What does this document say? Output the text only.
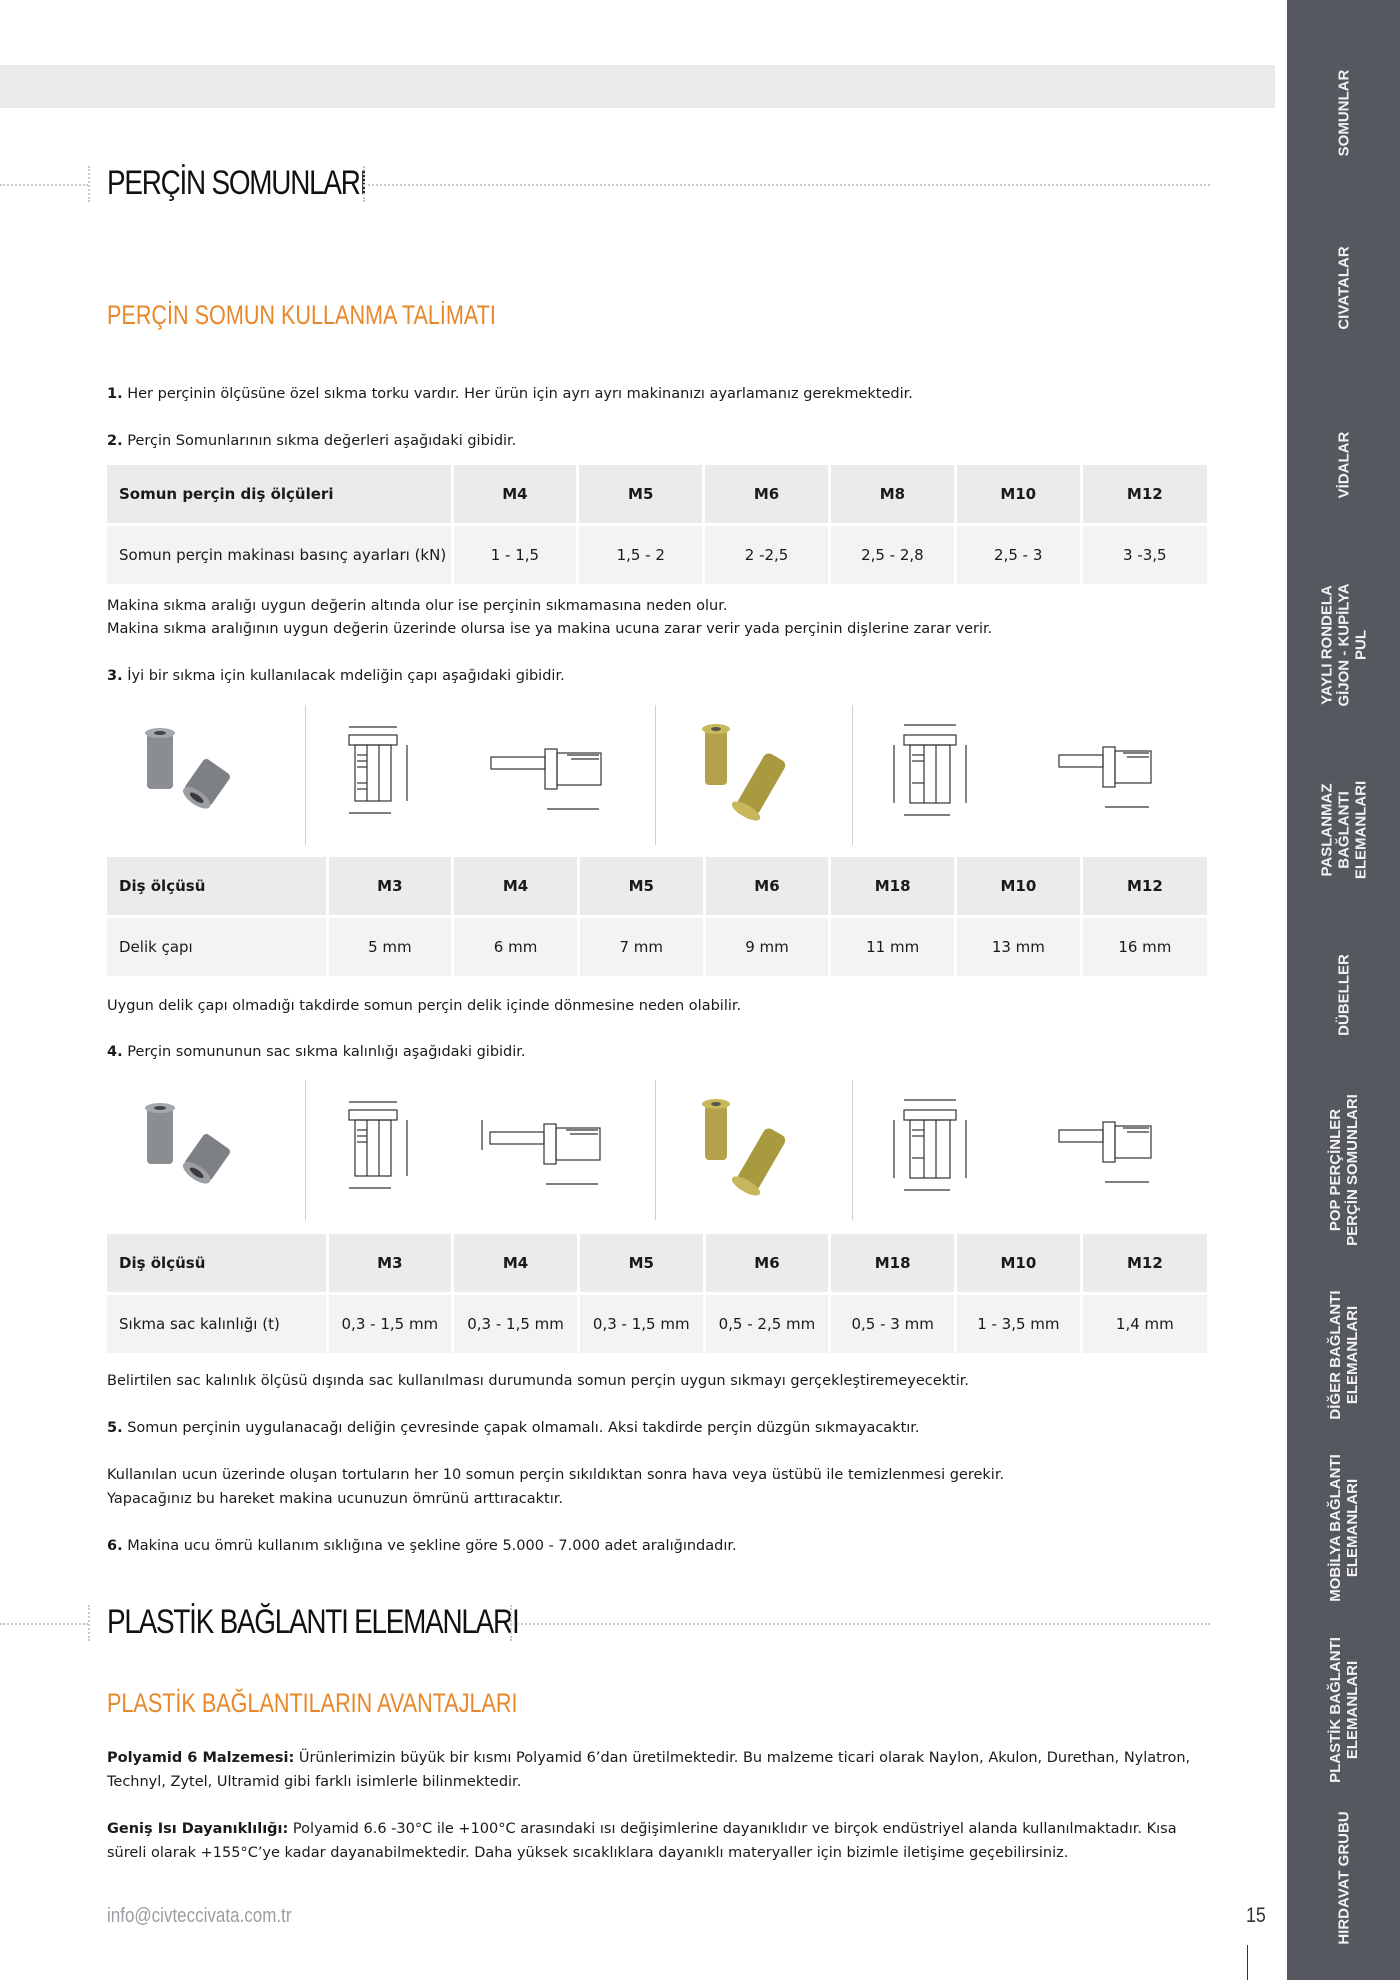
SOMUNLAR
CIVATALAR
VİDALAR
YAYLI RONDELA
GİJON - KUPİLYA
PUL
PASLANMAZ
BAĞLANTI
ELEMANLARI
DÜBELLER
POP PERÇİNLER
PERÇİN SOMUNLARI
DİĞER BAĞLANTI
ELEMANLARI
MOBİLYA BAĞLANTI
ELEMANLARI
PLASTİK BAĞLANTI
ELEMANLARI
HIRDAVAT GRUBU
PERÇİN SOMUNLARI
PERÇİN SOMUN KULLANMA TALİMATI
1. Her perçinin ölçüsüne özel sıkma torku vardır. Her ürün için ayrı ayrı makinanızı ayarlamanız gerekmektedir.
2. Perçin Somunlarının sıkma değerleri aşağıdaki gibidir.
Somun perçin diş ölçüleri	M4	M5	M6	M8	M10	M12
Somun perçin makinası basınç ayarları (kN)	1 - 1,5	1,5 - 2	2 -2,5	2,5 - 2,8	2,5 - 3	3 -3,5
Makina sıkma aralığı uygun değerin altında olur ise perçinin sıkmamasına neden olur.
Makina sıkma aralığının uygun değerin üzerinde olursa ise ya makina ucuna zarar verir yada perçinin dişlerine zarar verir.
3. İyi bir sıkma için kullanılacak mdeliğin çapı aşağıdaki gibidir.
Diş ölçüsü	M3	M4	M5	M6	M18	M10	M12
Delik çapı	5 mm	6 mm	7 mm	9 mm	11 mm	13 mm	16 mm
Uygun delik çapı olmadığı takdirde somun perçin delik içinde dönmesine neden olabilir.
4. Perçin somununun sac sıkma kalınlığı aşağıdaki gibidir.
Diş ölçüsü	M3	M4	M5	M6	M18	M10	M12
Sıkma sac kalınlığı (t)	0,3 - 1,5 mm	0,3 - 1,5 mm	0,3 - 1,5 mm	0,5 - 2,5 mm	0,5 - 3 mm	1 - 3,5 mm	1,4 mm
Belirtilen sac kalınlık ölçüsü dışında sac kullanılması durumunda somun perçin uygun sıkmayı gerçekleştiremeyecektir.
5. Somun perçinin uygulanacağı deliğin çevresinde çapak olmamalı. Aksi takdirde perçin düzgün sıkmayacaktır.
Kullanılan ucun üzerinde oluşan tortuların her 10 somun perçin sıkıldıktan sonra hava veya üstübü ile temizlenmesi gerekir.
Yapacağınız bu hareket makina ucunuzun ömrünü arttıracaktır.
6. Makina ucu ömrü kullanım sıklığına ve şekline göre 5.000 - 7.000 adet aralığındadır.
PLASTİK BAĞLANTI ELEMANLARI
PLASTİK BAĞLANTILARIN AVANTAJLARI
Polyamid 6 Malzemesi: Ürünlerimizin büyük bir kısmı Polyamid 6’dan üretilmektedir. Bu malzeme ticari olarak Naylon, Akulon, Durethan, Nylatron, Technyl, Zytel, Ultramid gibi farklı isimlerle bilinmektedir.
Geniş Isı Dayanıklılığı: Polyamid 6.6 -30°C ile +100°C arasındaki ısı değişimlerine dayanıklıdır ve birçok endüstriyel alanda kullanılmaktadır. Kısa süreli olarak +155°C’ye kadar dayanabilmektedir. Daha yüksek sıcaklıklara dayanıklı materyaller için bizimle iletişime geçebilirsiniz.
info@civteccivata.com.tr	15
